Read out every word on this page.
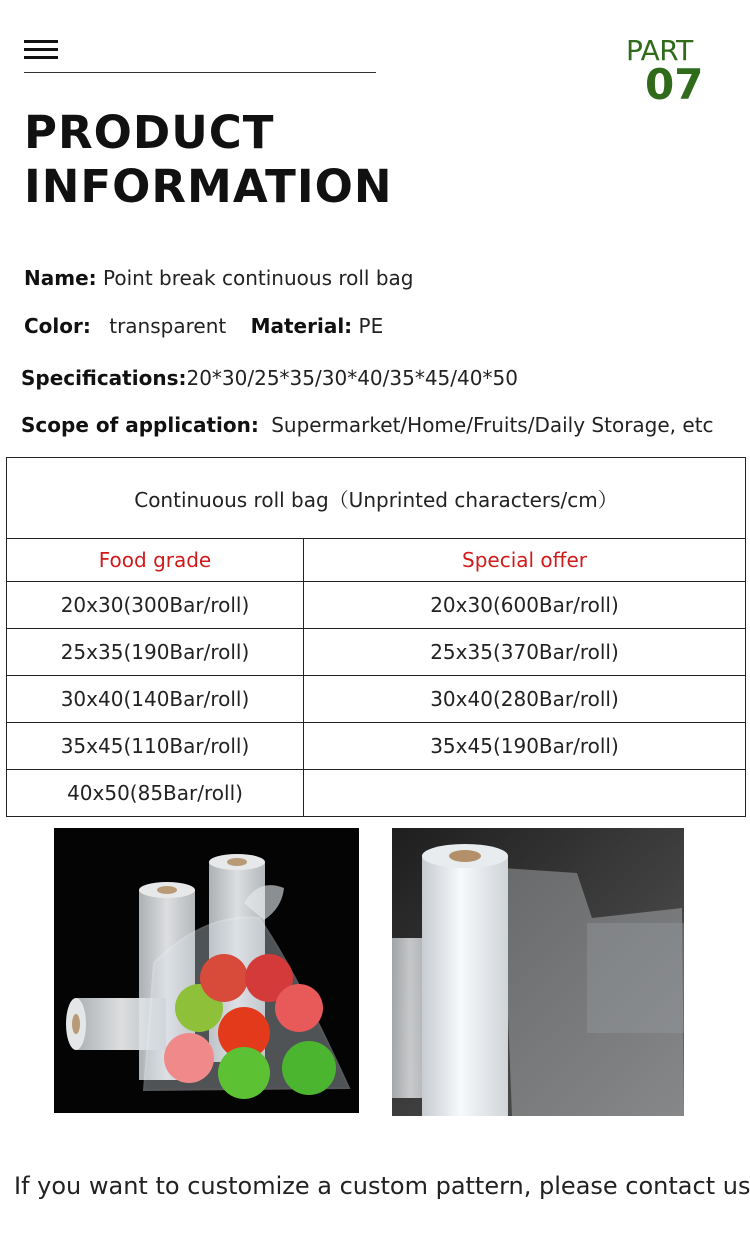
PART
07
PRODUCT
INFORMATION
Name: Point break continuous roll bag
Color: transparent Material: PE
Specifications:20*30/25*35/30*40/35*45/40*50
Scope of application: Supermarket/Home/Fruits/Daily Storage, etc
Continuous roll bag（Unprinted characters/cm）	
Food grade	Special offer
20x30(300Bar/roll)	20x30(600Bar/roll)
25x35(190Bar/roll)	25x35(370Bar/roll)
30x40(140Bar/roll)	30x40(280Bar/roll)
35x45(110Bar/roll)	35x45(190Bar/roll)
40x50(85Bar/roll)	
If you want to customize a custom pattern, please contact us
